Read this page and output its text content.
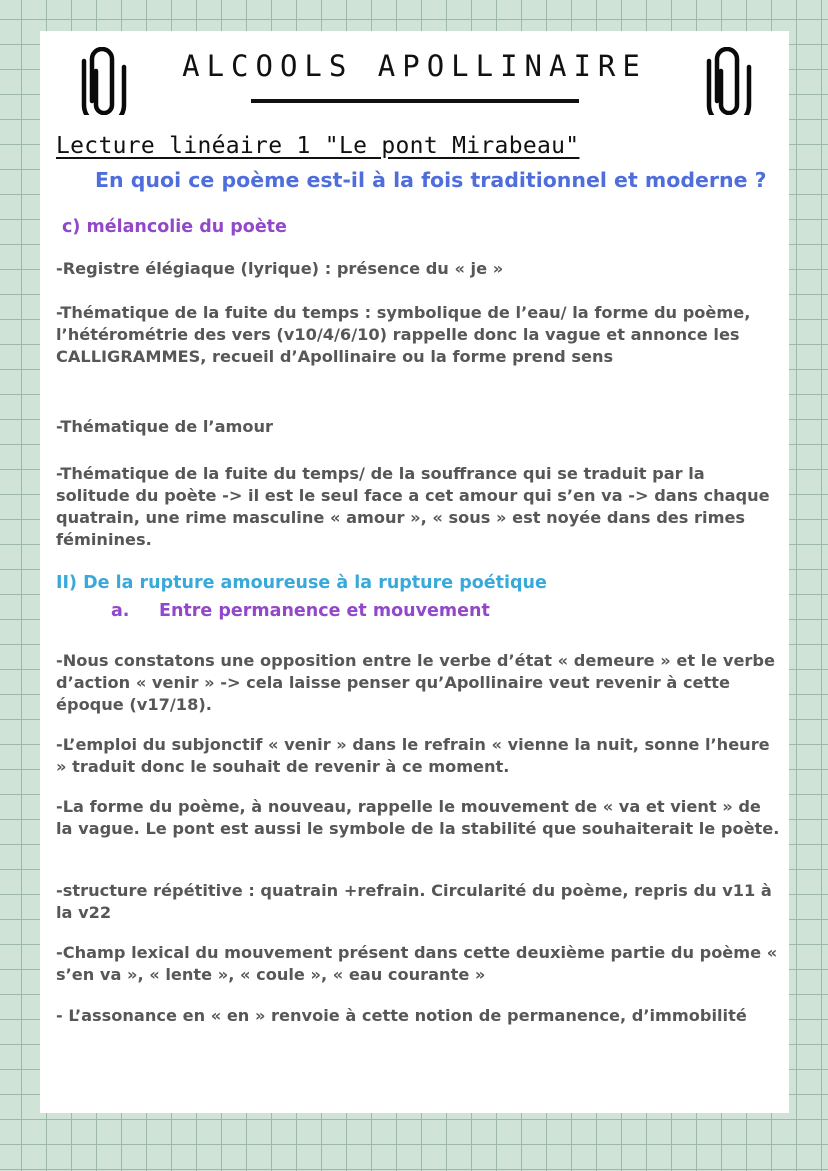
ALCOOLS APOLLINAIRE
Lecture linéaire 1 "Le pont Mirabeau"

En quoi ce poème est-il à la fois traditionnel et moderne ?

c) mélancolie du poète

-Registre élégiaque (lyrique) : présence du « je »

-Thématique de la fuite du temps : symbolique de l’eau/ la forme du poème, l’hétérométrie des vers (v10/4/6/10) rappelle donc la vague et annonce les CALLIGRAMMES, recueil d’Apollinaire ou la forme prend sens

-Thématique de l’amour

-Thématique de la fuite du temps/ de la souffrance qui se traduit par la solitude du poète -> il est le seul face a cet amour qui s’en va -> dans chaque quatrain, une rime masculine « amour », « sous » est noyée dans des rimes féminines.

II) De la rupture amoureuse à la rupture poétique

a. Entre permanence et mouvement

-Nous constatons une opposition entre le verbe d’état « demeure » et le verbe d’action « venir » -> cela laisse penser qu’Apollinaire veut revenir à cette époque (v17/18).

-L’emploi du subjonctif « venir » dans le refrain « vienne la nuit, sonne l’heure » traduit donc le souhait de revenir à ce moment.

-La forme du poème, à nouveau, rappelle le mouvement de « va et vient » de la vague. Le pont est aussi le symbole de la stabilité que souhaiterait le poète.

-structure répétitive : quatrain +refrain. Circularité du poème, repris du v11 à la v22

-Champ lexical du mouvement présent dans cette deuxième partie du poème « s’en va », « lente », « coule », « eau courante »

- L’assonance en « en » renvoie à cette notion de permanence, d’immobilité
